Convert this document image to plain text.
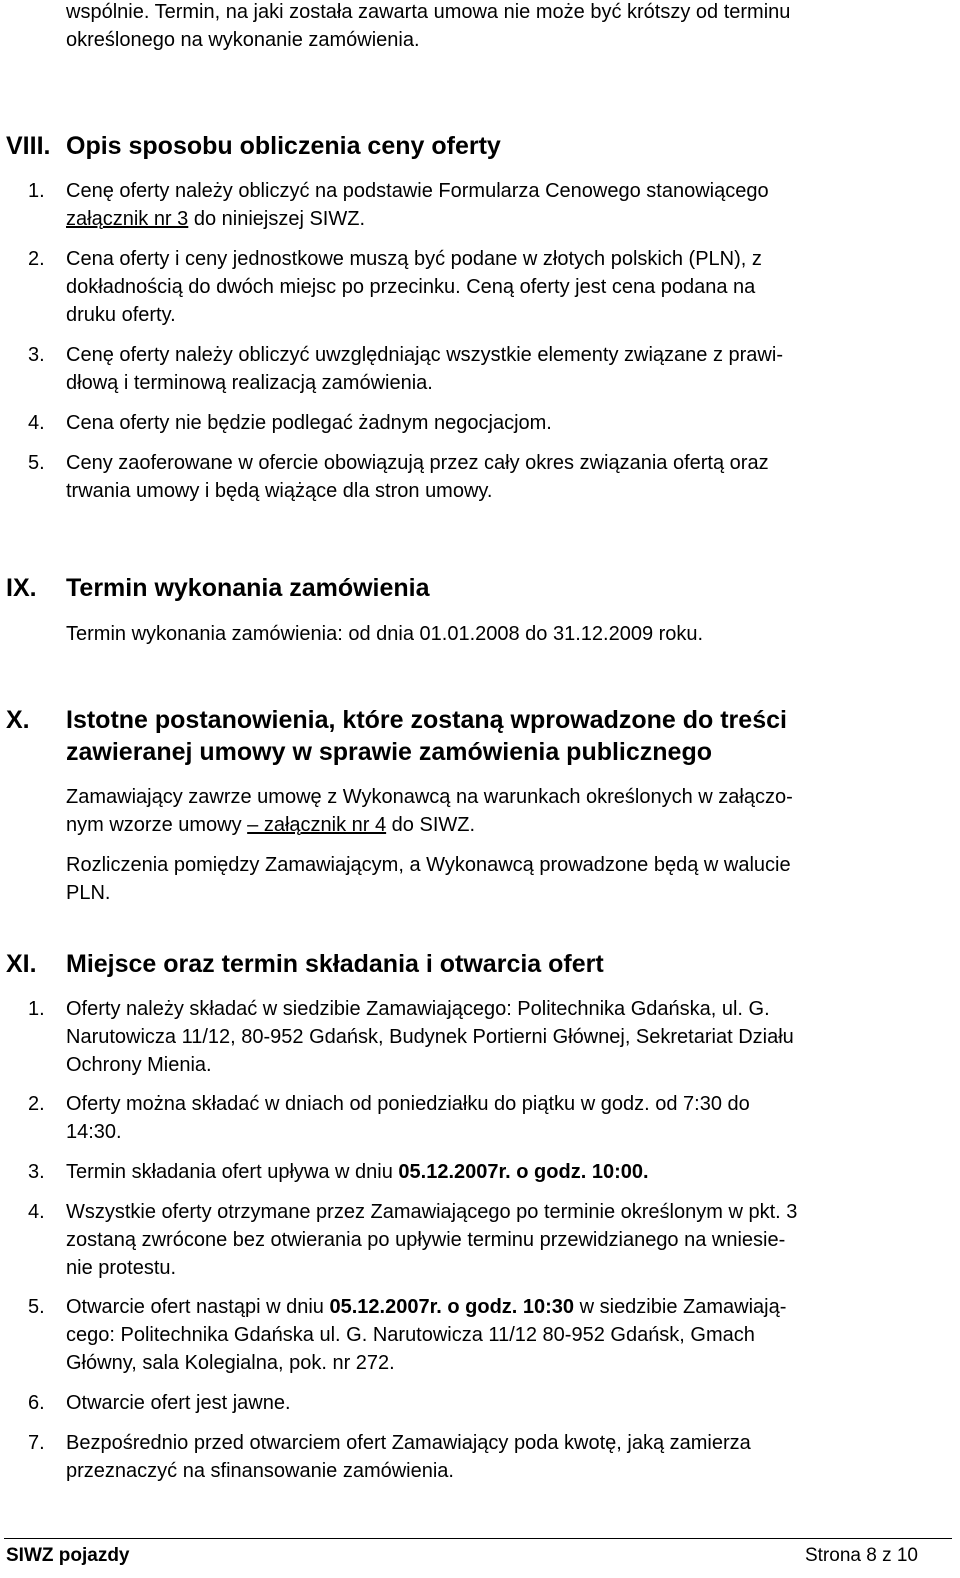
wspólnie. Termin, na jaki została zawarta umowa nie może być krótszy od terminu
określonego na wykonanie zamówienia.
VIII. Opis sposobu obliczenia ceny oferty
1. Cenę oferty należy obliczyć na podstawie Formularza Cenowego stanowiącego
załącznik nr 3 do niniejszej SIWZ.
2. Cena oferty i ceny jednostkowe muszą być podane w złotych polskich (PLN), z
dokładnością do dwóch miejsc po przecinku. Ceną oferty jest cena podana na
druku oferty.
3. Cenę oferty należy obliczyć uwzględniając wszystkie elementy związane z prawi-
dłową i terminową realizacją zamówienia.
4. Cena oferty nie będzie podlegać żadnym negocjacjom.
5. Ceny zaoferowane w ofercie obowiązują przez cały okres związania ofertą oraz
trwania umowy i będą wiążące dla stron umowy.
IX. Termin wykonania zamówienia
Termin wykonania zamówienia: od dnia 01.01.2008 do 31.12.2009 roku.
X. Istotne postanowienia, które zostaną wprowadzone do treści
zawieranej umowy w sprawie zamówienia publicznego
Zamawiający zawrze umowę z Wykonawcą na warunkach określonych w załączo-
nym wzorze umowy – załącznik nr 4 do SIWZ.
Rozliczenia pomiędzy Zamawiającym, a Wykonawcą prowadzone będą w walucie
PLN.
XI. Miejsce oraz termin składania i otwarcia ofert
1. Oferty należy składać w siedzibie Zamawiającego: Politechnika Gdańska, ul. G.
Narutowicza 11/12, 80-952 Gdańsk, Budynek Portierni Głównej, Sekretariat Działu
Ochrony Mienia.
2. Oferty można składać w dniach od poniedziałku do piątku w godz. od 7:30 do
14:30.
3. Termin składania ofert upływa w dniu 05.12.2007r. o godz. 10:00.
4. Wszystkie oferty otrzymane przez Zamawiającego po terminie określonym w pkt. 3
zostaną zwrócone bez otwierania po upływie terminu przewidzianego na wniesie-
nie protestu.
5. Otwarcie ofert nastąpi w dniu 05.12.2007r. o godz. 10:30 w siedzibie Zamawiają-
cego: Politechnika Gdańska ul. G. Narutowicza 11/12 80-952 Gdańsk, Gmach
Główny, sala Kolegialna, pok. nr 272.
6. Otwarcie ofert jest jawne.
7. Bezpośrednio przed otwarciem ofert Zamawiający poda kwotę, jaką zamierza
przeznaczyć na sfinansowanie zamówienia.
SIWZ pojazdy	Strona 8 z 10
